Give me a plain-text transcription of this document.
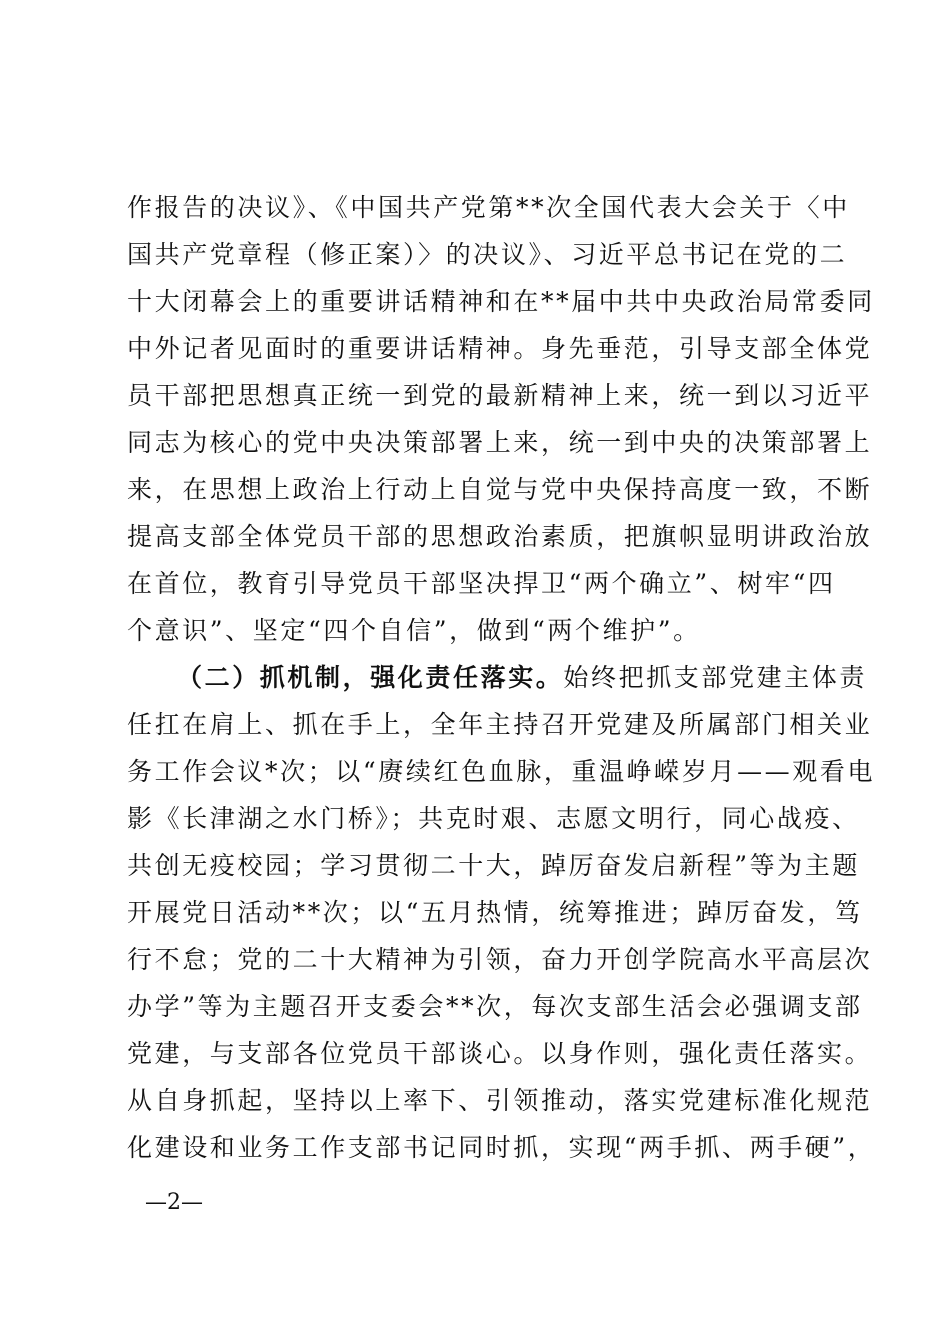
作报告的决议》、《中国共产党第**次全国代表大会关于〈中
国共产党章程（修正案）〉的决议》、习近平总书记在党的二
十大闭幕会上的重要讲话精神和在**届中共中央政治局常委同
中外记者见面时的重要讲话精神。身先垂范，引导支部全体党
员干部把思想真正统一到党的最新精神上来，统一到以习近平
同志为核心的党中央决策部署上来，统一到中央的决策部署上
来，在思想上政治上行动上自觉与党中央保持高度一致，不断
提高支部全体党员干部的思想政治素质，把旗帜显明讲政治放
在首位，教育引导党员干部坚决捍卫“两个确立”、树牢“四
个意识”、坚定“四个自信”，做到“两个维护”。
（二）抓机制，强化责任落实。始终把抓支部党建主体责
任扛在肩上、抓在手上，全年主持召开党建及所属部门相关业
务工作会议*次；以“赓续红色血脉，重温峥嵘岁月——观看电
影《长津湖之水门桥》；共克时艰、志愿文明行，同心战疫、
共创无疫校园；学习贯彻二十大，踔厉奋发启新程”等为主题
开展党日活动**次；以“五月热情，统筹推进；踔厉奋发，笃
行不怠；党的二十大精神为引领，奋力开创学院高水平高层次
办学”等为主题召开支委会**次，每次支部生活会必强调支部
党建，与支部各位党员干部谈心。以身作则，强化责任落实。
从自身抓起，坚持以上率下、引领推动，落实党建标准化规范
化建设和业务工作支部书记同时抓，实现“两手抓、两手硬”，
—2—
